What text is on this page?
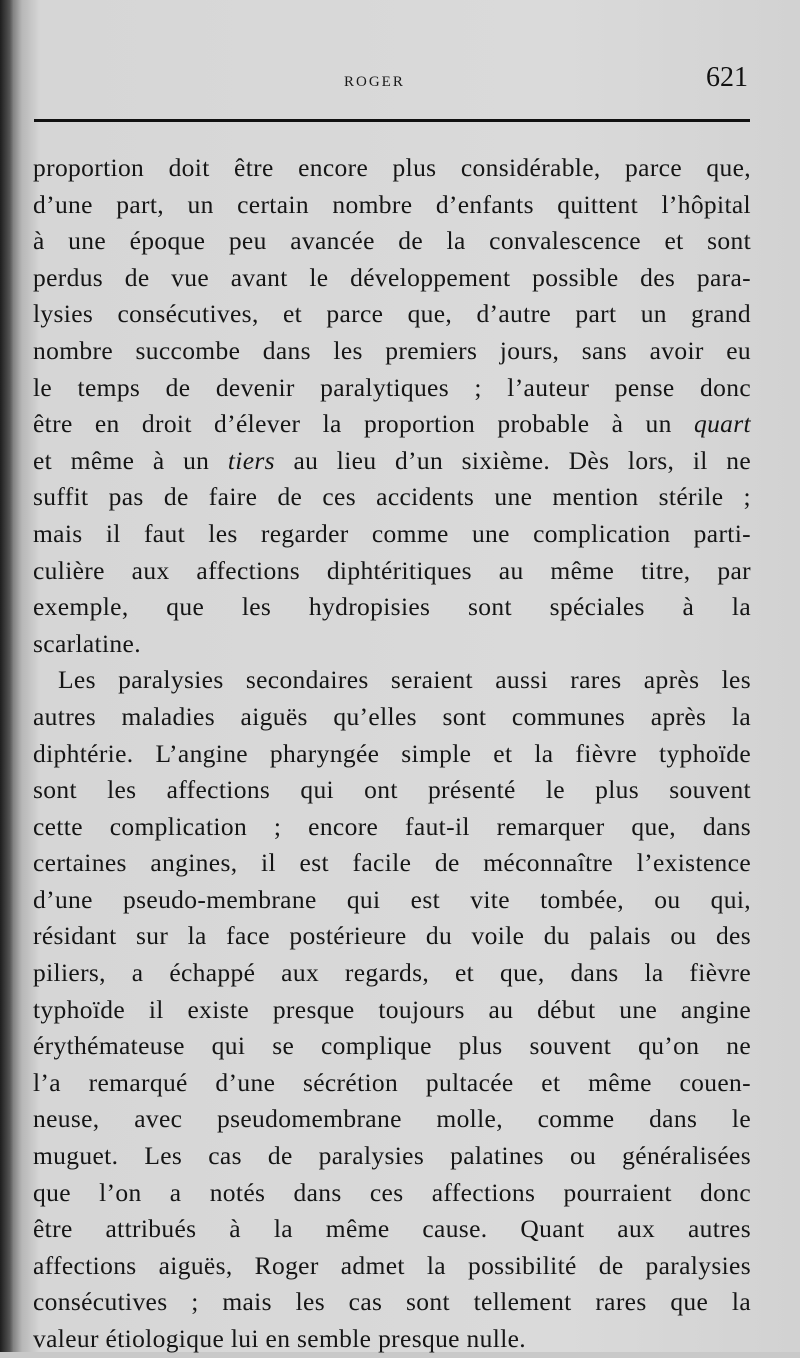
ROGER	621
proportion doit être encore plus considérable, parce que,
d’une part, un certain nombre d’enfants quittent l’hôpital
à une époque peu avancée de la convalescence et sont
perdus de vue avant le développement possible des para-
lysies consécutives, et parce que, d’autre part un grand
nombre succombe dans les premiers jours, sans avoir eu
le temps de devenir paralytiques ; l’auteur pense donc
être en droit d’élever la proportion probable à un quart
et même à un tiers au lieu d’un sixième. Dès lors, il ne
suffit pas de faire de ces accidents une mention stérile ;
mais il faut les regarder comme une complication parti-
culière aux affections diphtéritiques au même titre, par
exemple, que les hydropisies sont spéciales à la
scarlatine.
Les paralysies secondaires seraient aussi rares après les
autres maladies aiguës qu’elles sont communes après la
diphtérie. L’angine pharyngée simple et la fièvre typhoïde
sont les affections qui ont présenté le plus souvent
cette complication ; encore faut-il remarquer que, dans
certaines angines, il est facile de méconnaître l’existence
d’une pseudo-membrane qui est vite tombée, ou qui,
résidant sur la face postérieure du voile du palais ou des
piliers, a échappé aux regards, et que, dans la fièvre
typhoïde il existe presque toujours au début une angine
érythémateuse qui se complique plus souvent qu’on ne
l’a remarqué d’une sécrétion pultacée et même couen-
neuse, avec pseudomembrane molle, comme dans le
muguet. Les cas de paralysies palatines ou généralisées
que l’on a notés dans ces affections pourraient donc
être attribués à la même cause. Quant aux autres
affections aiguës, Roger admet la possibilité de paralysies
consécutives ; mais les cas sont tellement rares que la
valeur étiologique lui en semble presque nulle.
